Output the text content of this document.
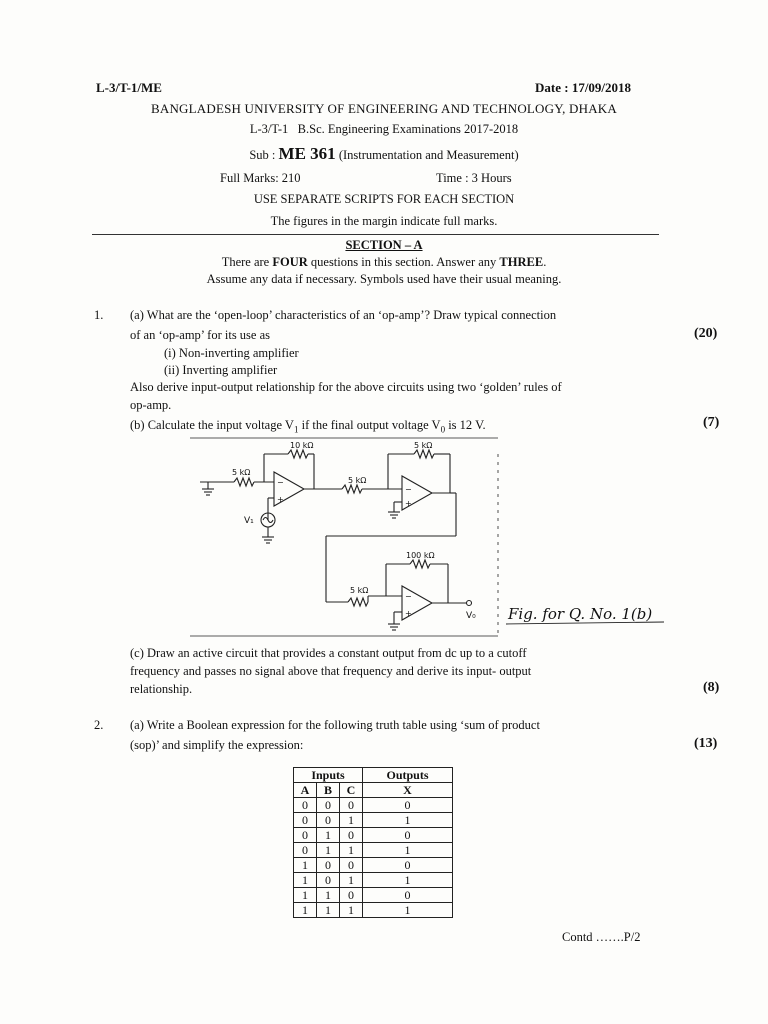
L-3/T-1/ME	Date : 17/09/2018
BANGLADESH UNIVERSITY OF ENGINEERING AND TECHNOLOGY, DHAKA
L-3/T-1 B.Sc. Engineering Examinations 2017-2018
Sub : ME 361 (Instrumentation and Measurement)
Full Marks: 210	Time : 3 Hours
USE SEPARATE SCRIPTS FOR EACH SECTION
The figures in the margin indicate full marks.
SECTION – A
There are FOUR questions in this section. Answer any THREE.
Assume any data if necessary. Symbols used have their usual meaning.
1. (a) What are the ‘open-loop’ characteristics of an ‘op-amp’? Draw typical connection
of an ‘op-amp’ for its use as	(20)
(i) Non-inverting amplifier
(ii) Inverting amplifier
Also derive input-output relationship for the above circuits using two ‘golden’ rules of
op-amp.
(b) Calculate the input voltage $V_1$ if the final output voltage $V_0$ is 12 V.	(7)
10 kΩ
5 kΩ
5 kΩ
5 kΩ
100 kΩ
5 kΩ
V₁
V₀
−
+
−
+
−
+	Fig. for Q. No. 1(b)
(c) Draw an active circuit that provides a constant output from dc up to a cutoff
frequency and passes no signal above that frequency and derive its input- output
relationship.	(8)
2. (a) Write a Boolean expression for the following truth table using ‘sum of product
(sop)’ and simplify the expression:	(13)
Inputs			Outputs
A	B	C	X
0	0	0	0
0	0	1	1
0	1	0	0
0	1	1	1
1	0	0	0
1	0	1	1
1	1	0	0
1	1	1	1
Contd …….P/2
